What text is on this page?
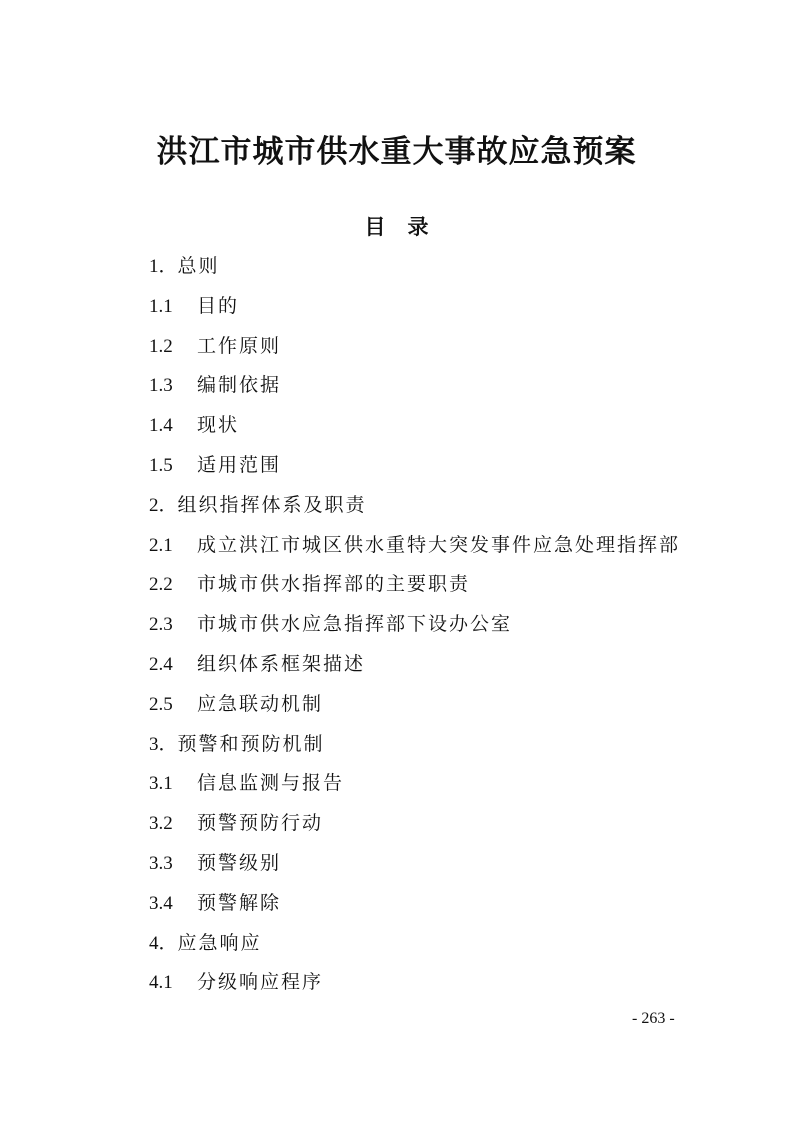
洪江市城市供水重大事故应急预案
目 录
1．总则
1.1 目的
1.2 工作原则
1.3 编制依据
1.4 现状
1.5 适用范围
2．组织指挥体系及职责
2.1 成立洪江市城区供水重特大突发事件应急处理指挥部
2.2 市城市供水指挥部的主要职责
2.3 市城市供水应急指挥部下设办公室
2.4 组织体系框架描述
2.5 应急联动机制
3．预警和预防机制
3.1 信息监测与报告
3.2 预警预防行动
3.3 预警级别
3.4 预警解除
4．应急响应
4.1 分级响应程序
- 263 -
